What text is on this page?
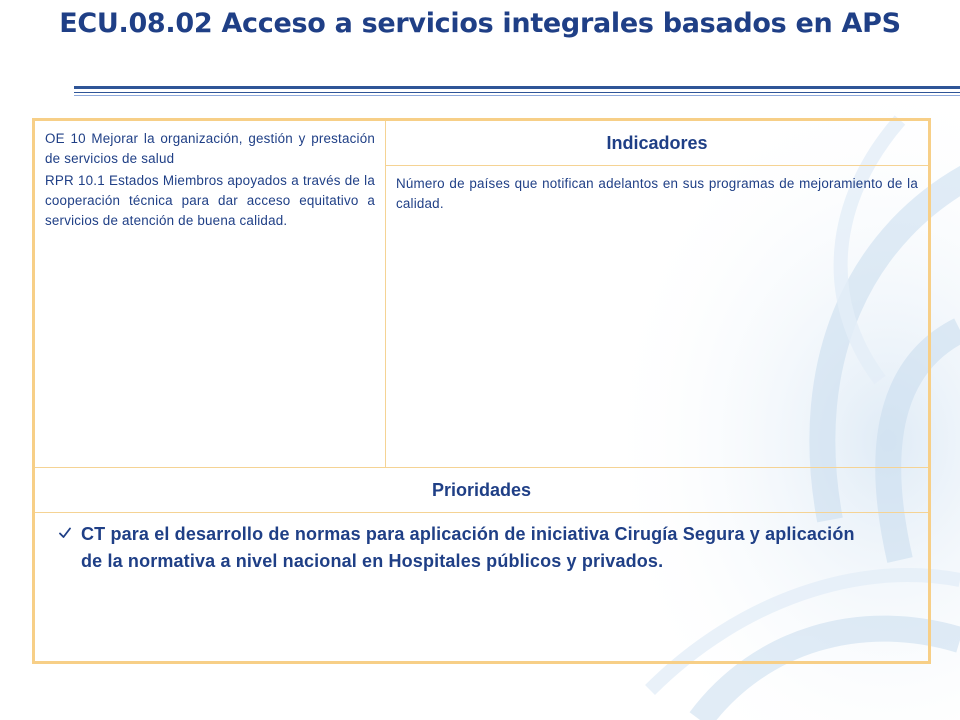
ECU.08.02 Acceso a servicios integrales basados en APS

OE 10 Mejorar la organización, gestión y prestación de servicios de salud

RPR 10.1 Estados Miembros apoyados a través de la cooperación técnica para dar acceso equitativo a servicios de atención de buena calidad.

	Indicadores

Número de países que notifican adelantos en sus programas de mejoramiento de la calidad.

Prioridades

CT para el desarrollo de normas para aplicación de iniciativa Cirugía Segura y aplicación de la normativa a nivel nacional en Hospitales públicos y privados.
